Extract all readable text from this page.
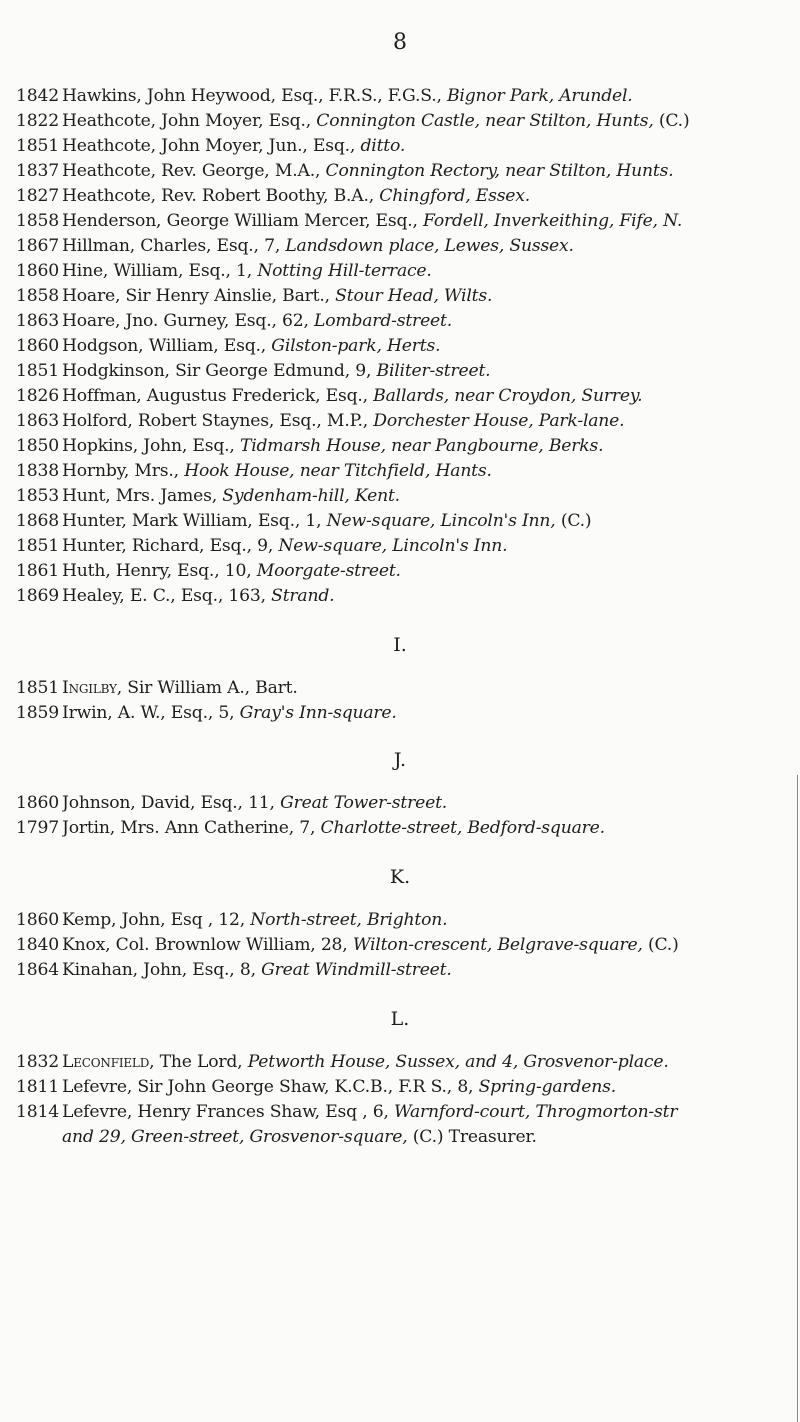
8
1842 Hawkins, John Heywood, Esq., F.R.S., F.G.S., Bignor Park, Arundel.
1822 Heathcote, John Moyer, Esq., Connington Castle, near Stilton, Hunts, (C.)
1851 Heathcote, John Moyer, Jun., Esq., ditto.
1837 Heathcote, Rev. George, M.A., Connington Rectory, near Stilton, Hunts.
1827 Heathcote, Rev. Robert Boothy, B.A., Chingford, Essex.
1858 Henderson, George William Mercer, Esq., Fordell, Inverkeithing, Fife, N.
1867 Hillman, Charles, Esq., 7, Landsdown place, Lewes, Sussex.
1860 Hine, William, Esq., 1, Notting Hill-terrace.
1858 Hoare, Sir Henry Ainslie, Bart., Stour Head, Wilts.
1863 Hoare, Jno. Gurney, Esq., 62, Lombard-street.
1860 Hodgson, William, Esq., Gilston-park, Herts.
1851 Hodgkinson, Sir George Edmund, 9, Biliter-street.
1826 Hoffman, Augustus Frederick, Esq., Ballards, near Croydon, Surrey.
1863 Holford, Robert Staynes, Esq., M.P., Dorchester House, Park-lane.
1850 Hopkins, John, Esq., Tidmarsh House, near Pangbourne, Berks.
1838 Hornby, Mrs., Hook House, near Titchfield, Hants.
1853 Hunt, Mrs. James, Sydenham-hill, Kent.
1868 Hunter, Mark William, Esq., 1, New-square, Lincoln's Inn, (C.)
1851 Hunter, Richard, Esq., 9, New-square, Lincoln's Inn.
1861 Huth, Henry, Esq., 10, Moorgate-street.
1869 Healey, E. C., Esq., 163, Strand.
I.
1851 Ingilby, Sir William A., Bart.
1859 Irwin, A. W., Esq., 5, Gray's Inn-square.
J.
1860 Johnson, David, Esq., 11, Great Tower-street.
1797 Jortin, Mrs. Ann Catherine, 7, Charlotte-street, Bedford-square.
K.
1860 Kemp, John, Esq , 12, North-street, Brighton.
1840 Knox, Col. Brownlow William, 28, Wilton-crescent, Belgrave-square, (C.)
1864 Kinahan, John, Esq., 8, Great Windmill-street.
L.
1832 Leconfield, The Lord, Petworth House, Sussex, and 4, Grosvenor-place.
1811 Lefevre, Sir John George Shaw, K.C.B., F.R S., 8, Spring-gardens.
1814 Lefevre, Henry Frances Shaw, Esq , 6, Warnford-court, Throgmorton-str
and 29, Green-street, Grosvenor-square, (C.) Treasurer.
